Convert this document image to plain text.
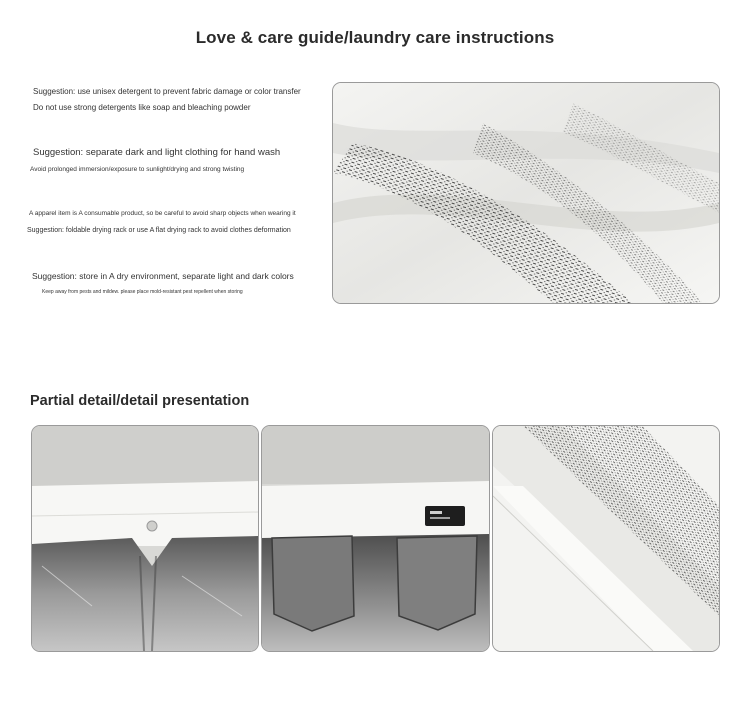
Love & care guide/laundry care instructions
Suggestion: use unisex detergent to prevent fabric damage or color transfer
Do not use strong detergents like soap and bleaching powder
Suggestion: separate dark and light clothing for hand wash
Avoid prolonged immersion/exposure to sunlight/drying and strong twisting
A apparel item is A consumable product, so be careful to avoid sharp objects when wearing it
Suggestion: foldable drying rack or use A flat drying rack to avoid clothes deformation
Suggestion: store in A dry environment, separate light and dark colors
Keep away from pests and mildew. please place mold-resistant pest repellent when storing
Partial detail/detail presentation
